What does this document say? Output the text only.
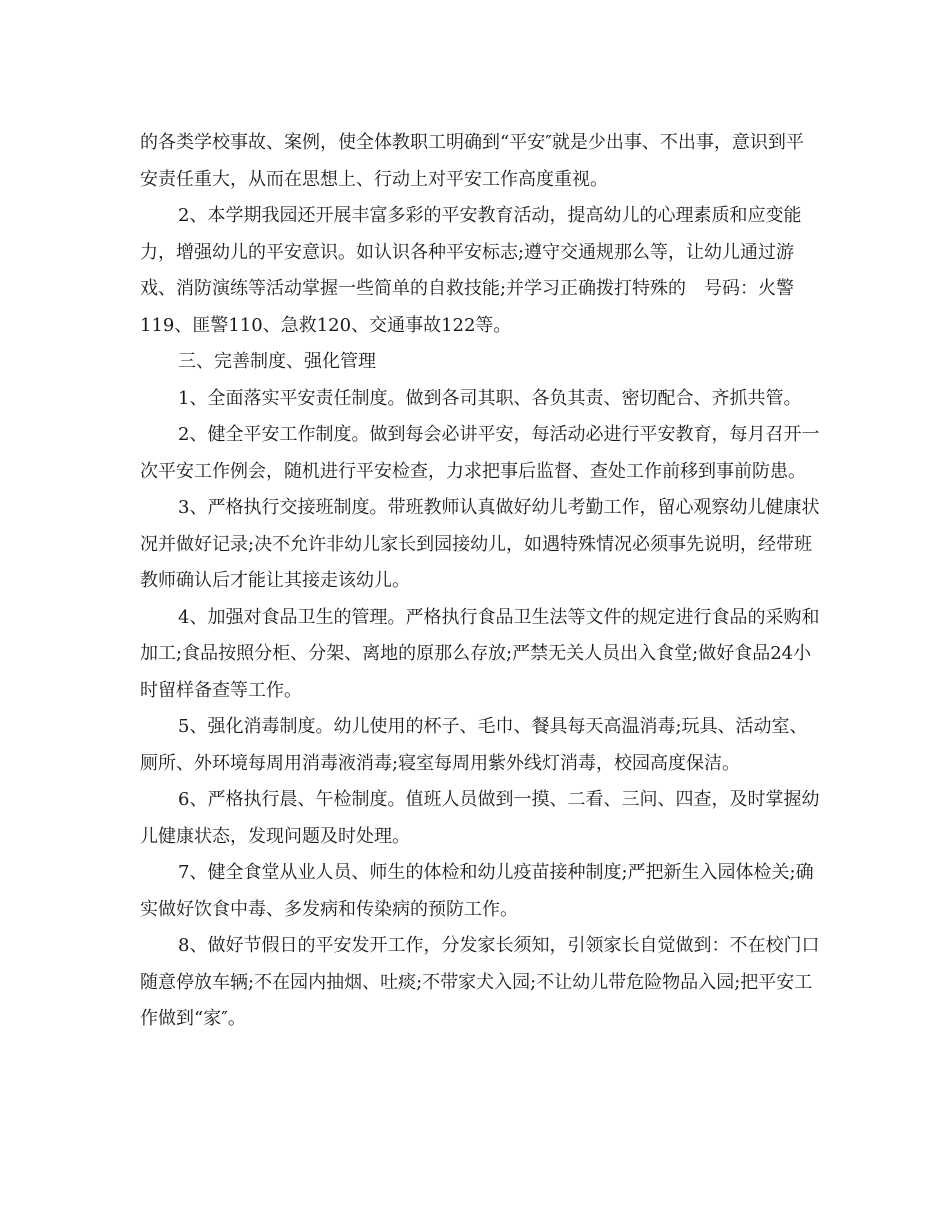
的各类学校事故、案例，使全体教职工明确到“平安″就是少出事、不出事，意识到平安责任重大，从而在思想上、行动上对平安工作高度重视。

2、本学期我园还开展丰富多彩的平安教育活动，提高幼儿的心理素质和应变能力，增强幼儿的平安意识。如认识各种平安标志;遵守交通规那么等，让幼儿通过游戏、消防演练等活动掌握一些简单的自救技能;并学习正确拨打特殊的　号码：火警119、匪警110、急救120、交通事故122等。

三、完善制度、强化管理

1、全面落实平安责任制度。做到各司其职、各负其责、密切配合、齐抓共管。

2、健全平安工作制度。做到每会必讲平安，每活动必进行平安教育，每月召开一次平安工作例会，随机进行平安检查，力求把事后监督、查处工作前移到事前防患。

3、严格执行交接班制度。带班教师认真做好幼儿考勤工作，留心观察幼儿健康状况并做好记录;决不允许非幼儿家长到园接幼儿，如遇特殊情况必须事先说明，经带班教师确认后才能让其接走该幼儿。

4、加强对食品卫生的管理。严格执行食品卫生法等文件的规定进行食品的采购和加工;食品按照分柜、分架、离地的原那么存放;严禁无关人员出入食堂;做好食品24小时留样备查等工作。

5、强化消毒制度。幼儿使用的杯子、毛巾、餐具每天高温消毒;玩具、活动室、厕所、外环境每周用消毒液消毒;寝室每周用紫外线灯消毒，校园高度保洁。

6、严格执行晨、午检制度。值班人员做到一摸、二看、三问、四查，及时掌握幼儿健康状态，发现问题及时处理。

7、健全食堂从业人员、师生的体检和幼儿疫苗接种制度;严把新生入园体检关;确实做好饮食中毒、多发病和传染病的预防工作。

8、做好节假日的平安发开工作，分发家长须知，引领家长自觉做到：不在校门口随意停放车辆;不在园内抽烟、吐痰;不带家犬入园;不让幼儿带危险物品入园;把平安工作做到“家″。
